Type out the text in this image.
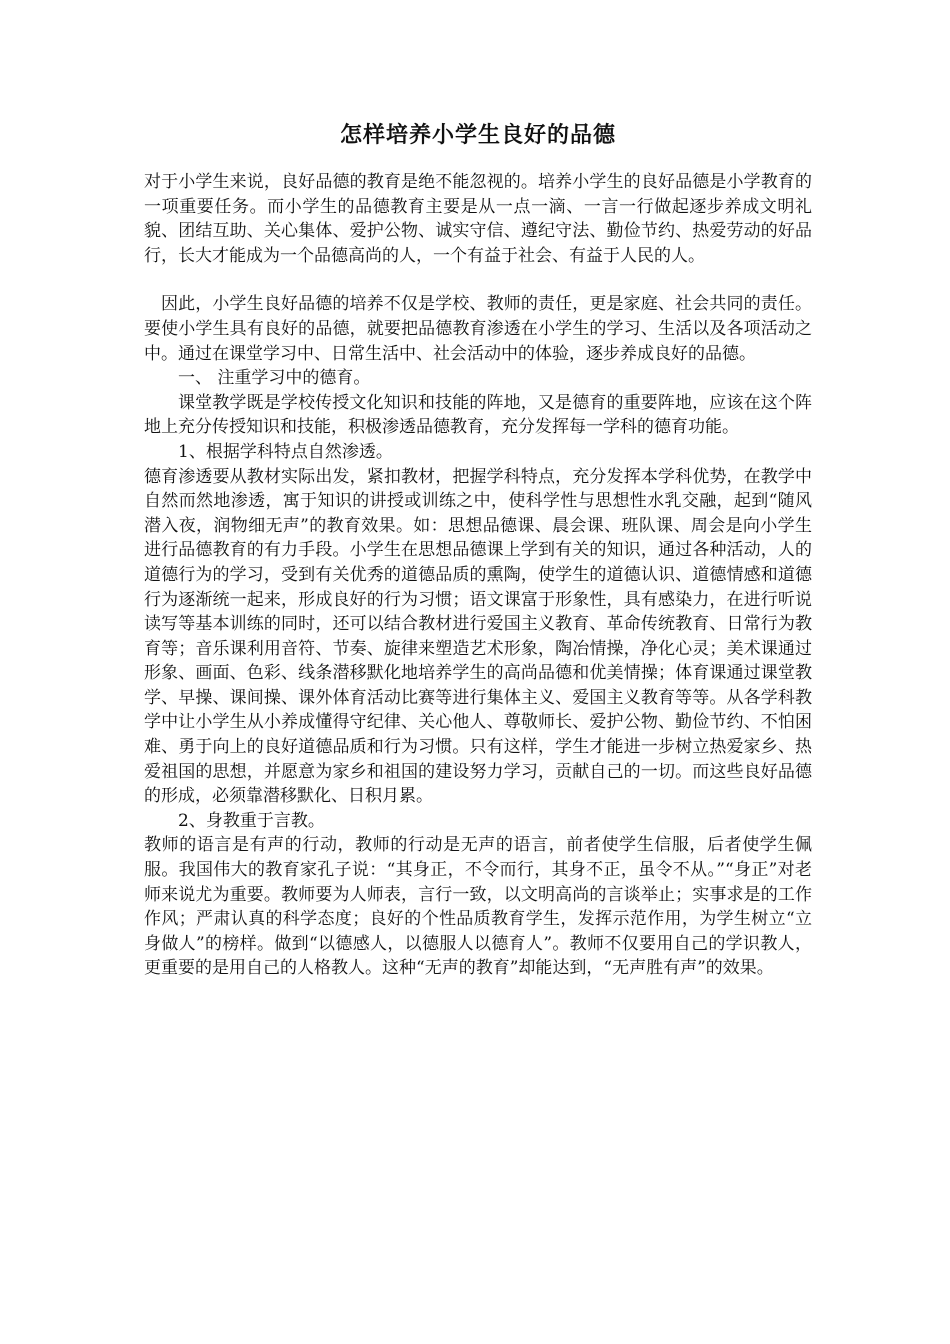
怎样培养小学生良好的品德

对于小学生来说，良好品德的教育是绝不能忽视的。培养小学生的良好品德是小学教育的一项重要任务。而小学生的品德教育主要是从一点一滴、一言一行做起逐步养成文明礼貌、团结互助、关心集体、爱护公物、诚实守信、遵纪守法、勤俭节约、热爱劳动的好品行，长大才能成为一个品德高尚的人，一个有益于社会、有益于人民的人。

因此，小学生良好品德的培养不仅是学校、教师的责任，更是家庭、社会共同的责任。要使小学生具有良好的品德，就要把品德教育渗透在小学生的学习、生活以及各项活动之中。通过在课堂学习中、日常生活中、社会活动中的体验，逐步养成良好的品德。

一、 注重学习中的德育。

课堂教学既是学校传授文化知识和技能的阵地，又是德育的重要阵地，应该在这个阵地上充分传授知识和技能，积极渗透品德教育，充分发挥每一学科的德育功能。

1、根据学科特点自然渗透。

德育渗透要从教材实际出发，紧扣教材，把握学科特点，充分发挥本学科优势，在教学中自然而然地渗透，寓于知识的讲授或训练之中，使科学性与思想性水乳交融，起到“随风潜入夜，润物细无声”的教育效果。如：思想品德课、晨会课、班队课、周会是向小学生进行品德教育的有力手段。小学生在思想品德课上学到有关的知识，通过各种活动，人的道德行为的学习，受到有关优秀的道德品质的熏陶，使学生的道德认识、道德情感和道德行为逐渐统一起来，形成良好的行为习惯；语文课富于形象性，具有感染力，在进行听说读写等基本训练的同时，还可以结合教材进行爱国主义教育、革命传统教育、日常行为教育等；音乐课利用音符、节奏、旋律来塑造艺术形象，陶冶情操，净化心灵；美术课通过形象、画面、色彩、线条潜移默化地培养学生的高尚品德和优美情操；体育课通过课堂教学、早操、课间操、课外体育活动比赛等进行集体主义、爱国主义教育等等。从各学科教学中让小学生从小养成懂得守纪律、关心他人、尊敬师长、爱护公物、勤俭节约、不怕困难、勇于向上的良好道德品质和行为习惯。只有这样，学生才能进一步树立热爱家乡、热爱祖国的思想，并愿意为家乡和祖国的建设努力学习，贡献自己的一切。而这些良好品德的形成，必须靠潜移默化、日积月累。

2、身教重于言教。

教师的语言是有声的行动，教师的行动是无声的语言，前者使学生信服，后者使学生佩服。我国伟大的教育家孔子说：“其身正，不令而行，其身不正，虽令不从。”“身正”对老师来说尤为重要。教师要为人师表，言行一致，以文明高尚的言谈举止；实事求是的工作作风；严肃认真的科学态度；良好的个性品质教育学生，发挥示范作用，为学生树立“立身做人”的榜样。做到“以德感人，以德服人以德育人”。教师不仅要用自己的学识教人，更重要的是用自己的人格教人。这种“无声的教育”却能达到，“无声胜有声”的效果。
